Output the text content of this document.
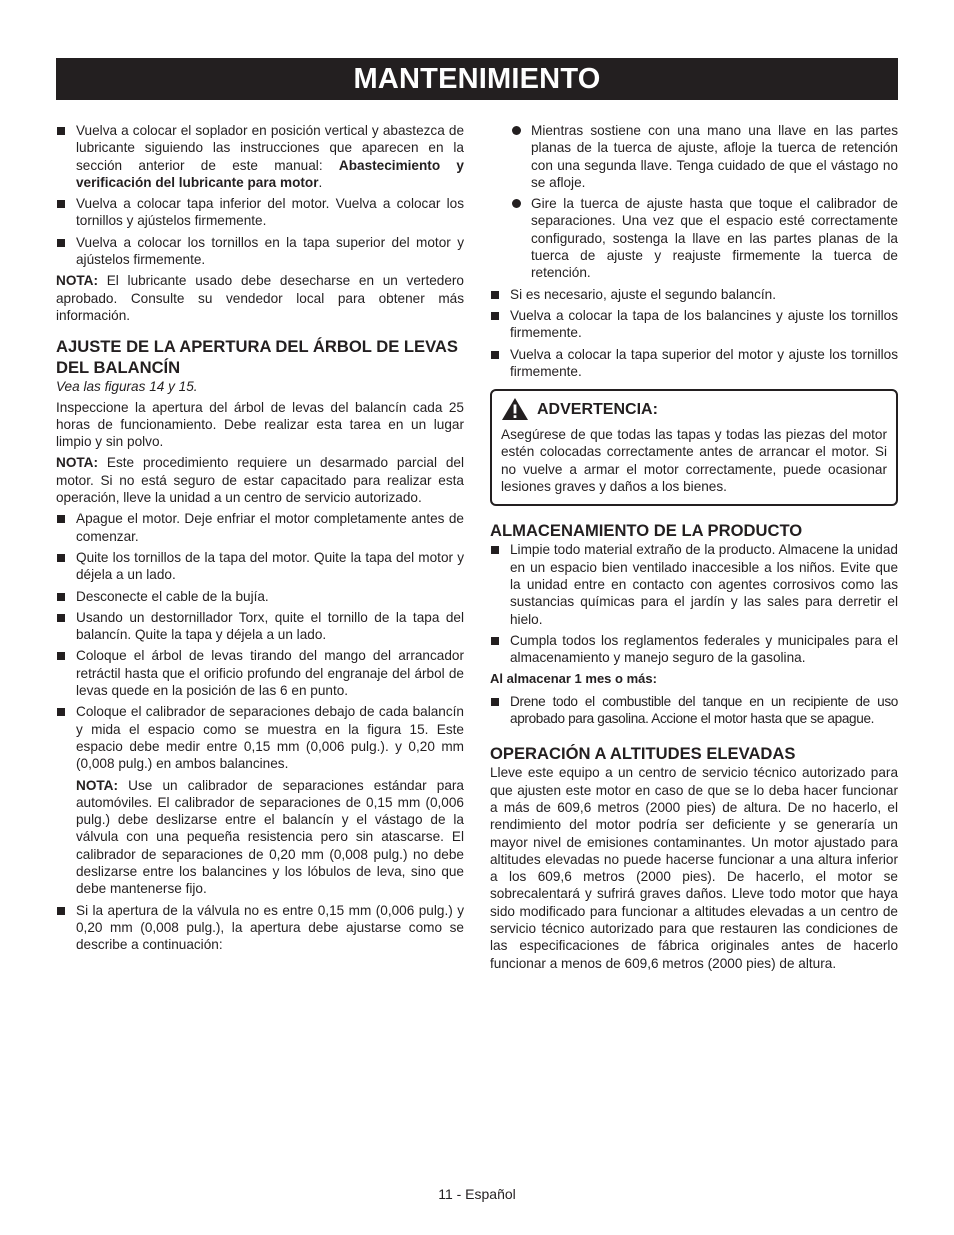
MANTENIMIENTO
Vuelva a colocar el soplador en posición vertical y abastezca de lubricante siguiendo las instrucciones que aparecen en la sección anterior de este manual: Abastecimiento y verificación del lubricante para motor.
Vuelva a colocar tapa inferior del motor. Vuelva a colocar los tornillos y ajústelos firmemente.
Vuelva a colocar los tornillos en la tapa superior del motor y ajústelos firmemente.

NOTA: El lubricante usado debe desecharse en un vertedero aprobado. Consulte su vendedor local para obtener más información.

AJUSTE DE LA APERTURA DEL ÁRBOL DE LEVAS DEL BALANCÍN

Vea las figuras 14 y 15.

Inspeccione la apertura del árbol de levas del balancín cada 25 horas de funcionamiento. Debe realizar esta tarea en un lugar limpio y sin polvo.

NOTA: Este procedimiento requiere un desarmado parcial del motor. Si no está seguro de estar capacitado para realizar esta operación, lleve la unidad a un centro de servicio autorizado.

Apague el motor. Deje enfriar el motor completamente antes de comenzar.
Quite los tornillos de la tapa del motor. Quite la tapa del motor y déjela a un lado.
Desconecte el cable de la bujía.
Usando un destornillador Torx, quite el tornillo de la tapa del balancín. Quite la tapa y déjela a un lado.
Coloque el árbol de levas tirando del mango del arrancador retráctil hasta que el orificio profundo del engranaje del árbol de levas quede en la posición de las 6 en punto.
Coloque el calibrador de separaciones debajo de cada balancín y mida el espacio como se muestra en la figura 15. Este espacio debe medir entre 0,15 mm (0,006 pulg.). y 0,20 mm (0,008 pulg.) en ambos balancines.

NOTA: Use un calibrador de separaciones estándar para automóviles. El calibrador de separaciones de 0,15 mm (0,006 pulg.) debe deslizarse entre el balancín y el vástago de la válvula con una pequeña resistencia pero sin atascarse. El calibrador de separaciones de 0,20 mm (0,008 pulg.) no debe deslizarse entre los balancines y los lóbulos de leva, sino que debe mantenerse fijo.

Si la apertura de la válvula no es entre 0,15 mm (0,006 pulg.) y 0,20 mm (0,008 pulg.), la apertura debe ajustarse como se describe a continuación:
Mientras sostiene con una mano una llave en las partes planas de la tuerca de ajuste, afloje la tuerca de retención con una segunda llave. Tenga cuidado de que el vástago no se afloje.
Gire la tuerca de ajuste hasta que toque el calibrador de separaciones. Una vez que el espacio esté correctamente configurado, sostenga la llave en las partes planas de la tuerca de ajuste y reajuste firmemente la tuerca de retención.
Si es necesario, ajuste el segundo balancín.
Vuelva a colocar la tapa de los balancines y ajuste los tornillos firmemente.
Vuelva a colocar la tapa superior del motor y ajuste los tornillos firmemente.
ADVERTENCIA:

Asegúrese de que todas las tapas y todas las piezas del motor estén colocadas correctamente antes de arrancar el motor. Si no vuelve a armar el motor correctamente, puede ocasionar lesiones graves y daños a los bienes.

ALMACENAMIENTO DE LA PRODUCTO
Limpie todo material extraño de la producto. Almacene la unidad en un espacio bien ventilado inaccesible a los niños. Evite que la unidad entre en contacto con agentes corrosivos como las sustancias químicas para el jardín y las sales para derretir el hielo.
Cumpla todos los reglamentos federales y municipales para el almacenamiento y manejo seguro de la gasolina.
Al almacenar 1 mes o más:
Drene todo el combustible del tanque en un recipiente de uso aprobado para gasolina. Accione el motor hasta que se apague.
OPERACIÓN A ALTITUDES ELEVADAS

Lleve este equipo a un centro de servicio técnico autorizado para que ajusten este motor en caso de que se lo deba hacer funcionar a más de 609,6 metros (2000 pies) de altura. De no hacerlo, el rendimiento del motor podría ser deficiente y se generaría un mayor nivel de emisiones contaminantes. Un motor ajustado para altitudes elevadas no puede hacerse funcionar a una altura inferior a los 609,6 metros (2000 pies). De hacerlo, el motor se sobrecalentará y sufrirá graves daños. Lleve todo motor que haya sido modificado para funcionar a altitudes elevadas a un centro de servicio técnico autorizado para que restauren las condiciones de las especificaciones de fábrica originales antes de hacerlo funcionar a menos de 609,6 metros (2000 pies) de altura.

11 - Español
